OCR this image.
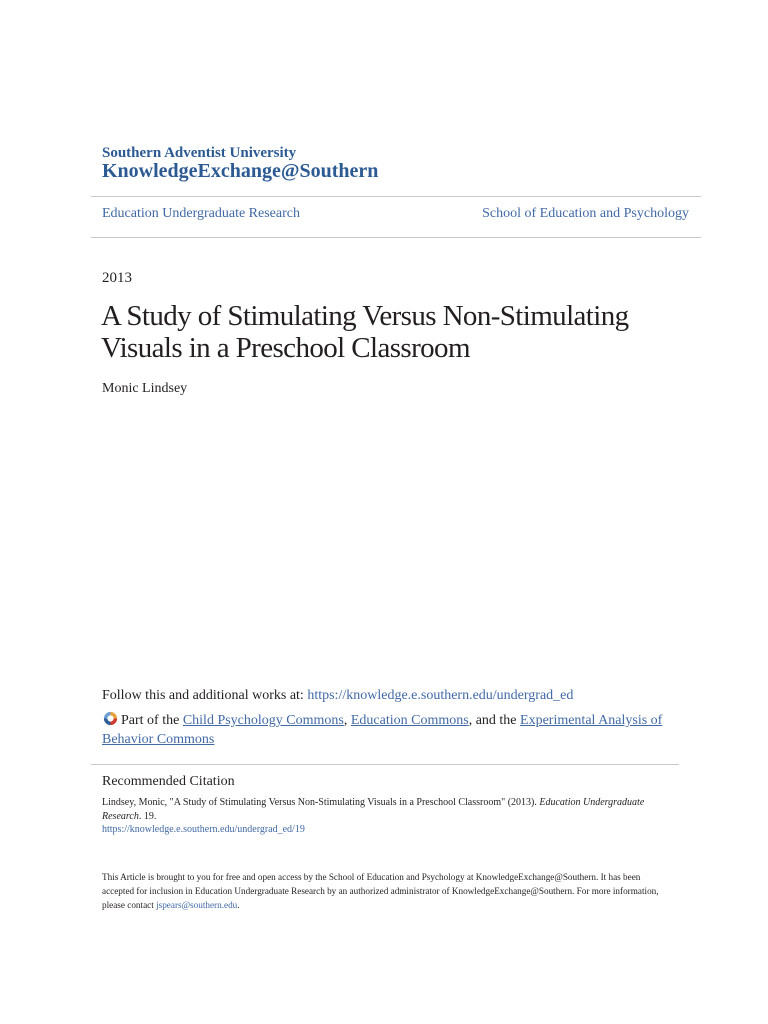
Southern Adventist University
KnowledgeExchange@Southern
Education Undergraduate Research	School of Education and Psychology
2013
A Study of Stimulating Versus Non-Stimulating
Visuals in a Preschool Classroom
Monic Lindsey
Follow this and additional works at: https://knowledge.e.southern.edu/undergrad_ed
Part of the Child Psychology Commons, Education Commons, and the Experimental Analysis of Behavior Commons
Recommended Citation
Lindsey, Monic, "A Study of Stimulating Versus Non-Stimulating Visuals in a Preschool Classroom" (2013). Education Undergraduate Research. 19.
https://knowledge.e.southern.edu/undergrad_ed/19
This Article is brought to you for free and open access by the School of Education and Psychology at KnowledgeExchange@Southern. It has been accepted for inclusion in Education Undergraduate Research by an authorized administrator of KnowledgeExchange@Southern. For more information, please contact jspears@southern.edu.
